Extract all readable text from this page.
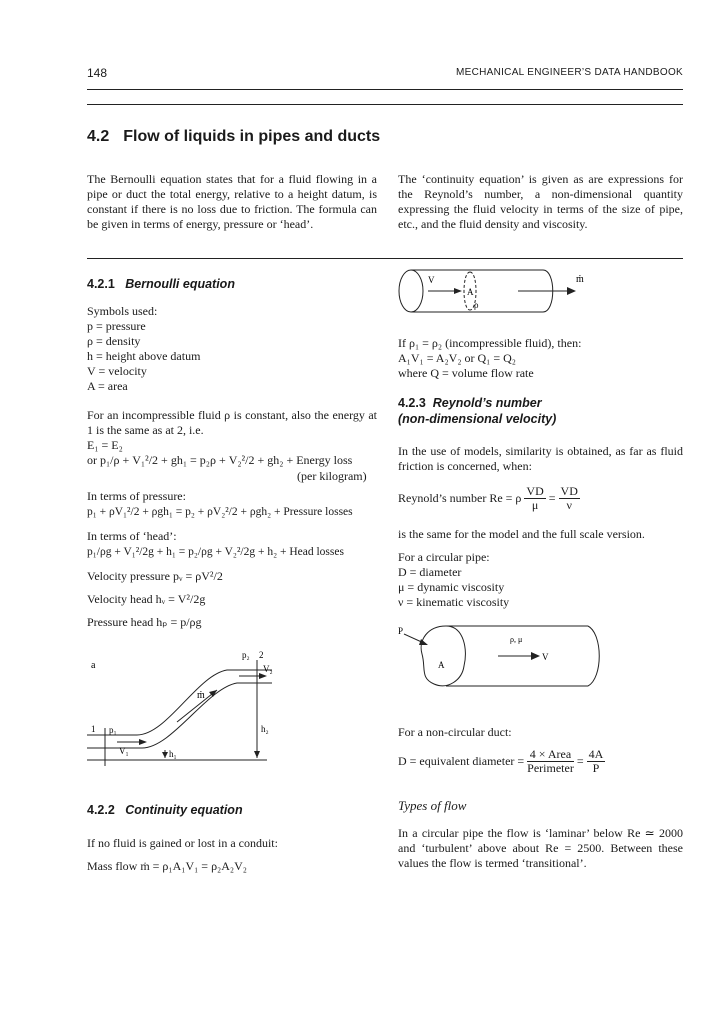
148	MECHANICAL ENGINEER’S DATA HANDBOOK
4.2 Flow of liquids in pipes and ducts
The Bernoulli equation states that for a fluid flowing in a pipe or duct the total energy, relative to a height datum, is constant if there is no loss due to friction. The formula can be given in terms of energy, pressure or ‘head’.
The ‘continuity equation’ is given as are expressions for the Reynold’s number, a non-dimensional quantity expressing the fluid velocity in terms of the size of pipe, etc., and the fluid density and viscosity.
4.2.1 Bernoulli equation
Symbols used:
p = pressure
ρ = density
h = height above datum
V = velocity
A = area
For an incompressible fluid ρ is constant, also the energy at 1 is the same as at 2, i.e.
E₁ = E₂
or p₁/ρ + V₁²/2 + gh₁ = p₂ρ + V₂²/2 + gh₂ + Energy loss
(per kilogram)
In terms of pressure:
p₁ + ρV₁²/2 + ρgh₁ = p₂ + ρV₂²/2 + ρgh₂ + Pressure losses
In terms of ‘head’:
p₁/ρg + V₁²/2g + h₁ = p₂/ρg + V₂²/2g + h₂ + Head losses
Velocity pressure pᵥ = ρV²/2
Velocity head hᵥ = V²/2g
Pressure head hₚ = p/ρg
a
p₂ 2
V₂
ṁ
h₂
1 p₁
V₁	h₁
4.2.2 Continuity equation
If no fluid is gained or lost in a conduit:
Mass flow ṁ = ρ₁A₁V₁ = ρ₂A₂V₂
V
A
ρ
ṁ
If ρ₁ = ρ₂ (incompressible fluid), then:
A₁V₁ = A₂V₂ or Q₁ = Q₂
where Q = volume flow rate
4.2.3 Reynold’s number
(non-dimensional velocity)
In the use of models, similarity is obtained, as far as fluid friction is concerned, when:
Reynold’s number Re = ρ $\frac{VD}{\mu} = \frac{VD}{\nu}$
is the same for the model and the full scale version.
For a circular pipe:
D = diameter
μ = dynamic viscosity
ν = kinematic viscosity
P
ρ, μ
A
V
For a non-circular duct:
D = equivalent diameter = $\frac{\text{4 × Area}}{\text{Perimeter}} = \frac{4A}{P}$
Types of flow
In a circular pipe the flow is ‘laminar’ below Re ≃ 2000 and ‘turbulent’ above about Re = 2500. Between these values the flow is termed ‘transitional’.
